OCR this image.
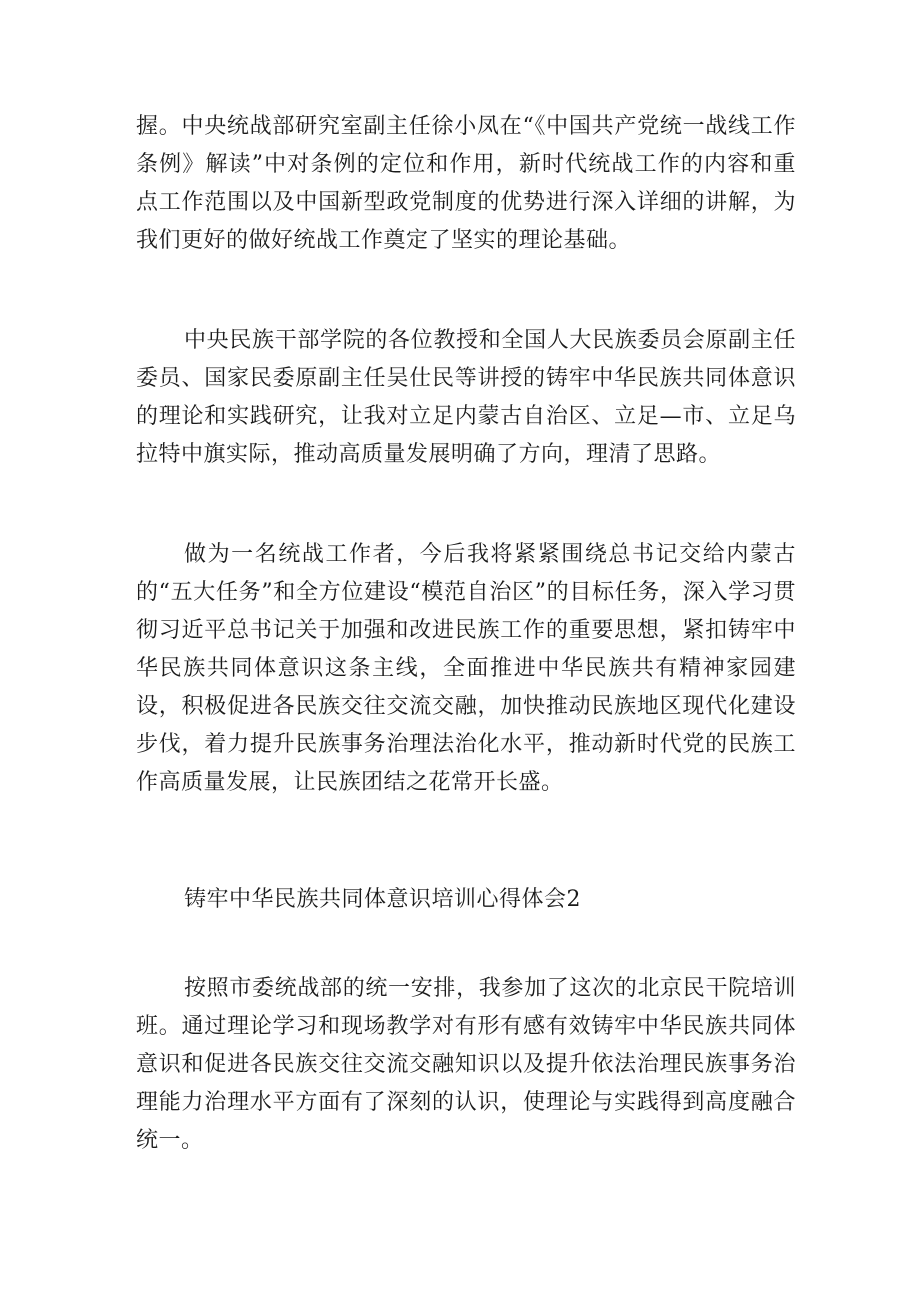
握。中央统战部研究室副主任徐小凤在“《中国共产党统一战线工作条例》解读”中对条例的定位和作用，新时代统战工作的内容和重点工作范围以及中国新型政党制度的优势进行深入详细的讲解，为我们更好的做好统战工作奠定了坚实的理论基础。

中央民族干部学院的各位教授和全国人大民族委员会原副主任委员、国家民委原副主任吴仕民等讲授的铸牢中华民族共同体意识的理论和实践研究，让我对立足内蒙古自治区、立足—市、立足乌拉特中旗实际，推动高质量发展明确了方向，理清了思路。

做为一名统战工作者，今后我将紧紧围绕总书记交给内蒙古的“五大任务”和全方位建设“模范自治区”的目标任务，深入学习贯彻习近平总书记关于加强和改进民族工作的重要思想，紧扣铸牢中华民族共同体意识这条主线，全面推进中华民族共有精神家园建设，积极促进各民族交往交流交融，加快推动民族地区现代化建设步伐，着力提升民族事务治理法治化水平，推动新时代党的民族工作高质量发展，让民族团结之花常开长盛。

铸牢中华民族共同体意识培训心得体会2

按照市委统战部的统一安排，我参加了这次的北京民干院培训班。通过理论学习和现场教学对有形有感有效铸牢中华民族共同体意识和促进各民族交往交流交融知识以及提升依法治理民族事务治理能力治理水平方面有了深刻的认识，使理论与实践得到高度融合统一。
